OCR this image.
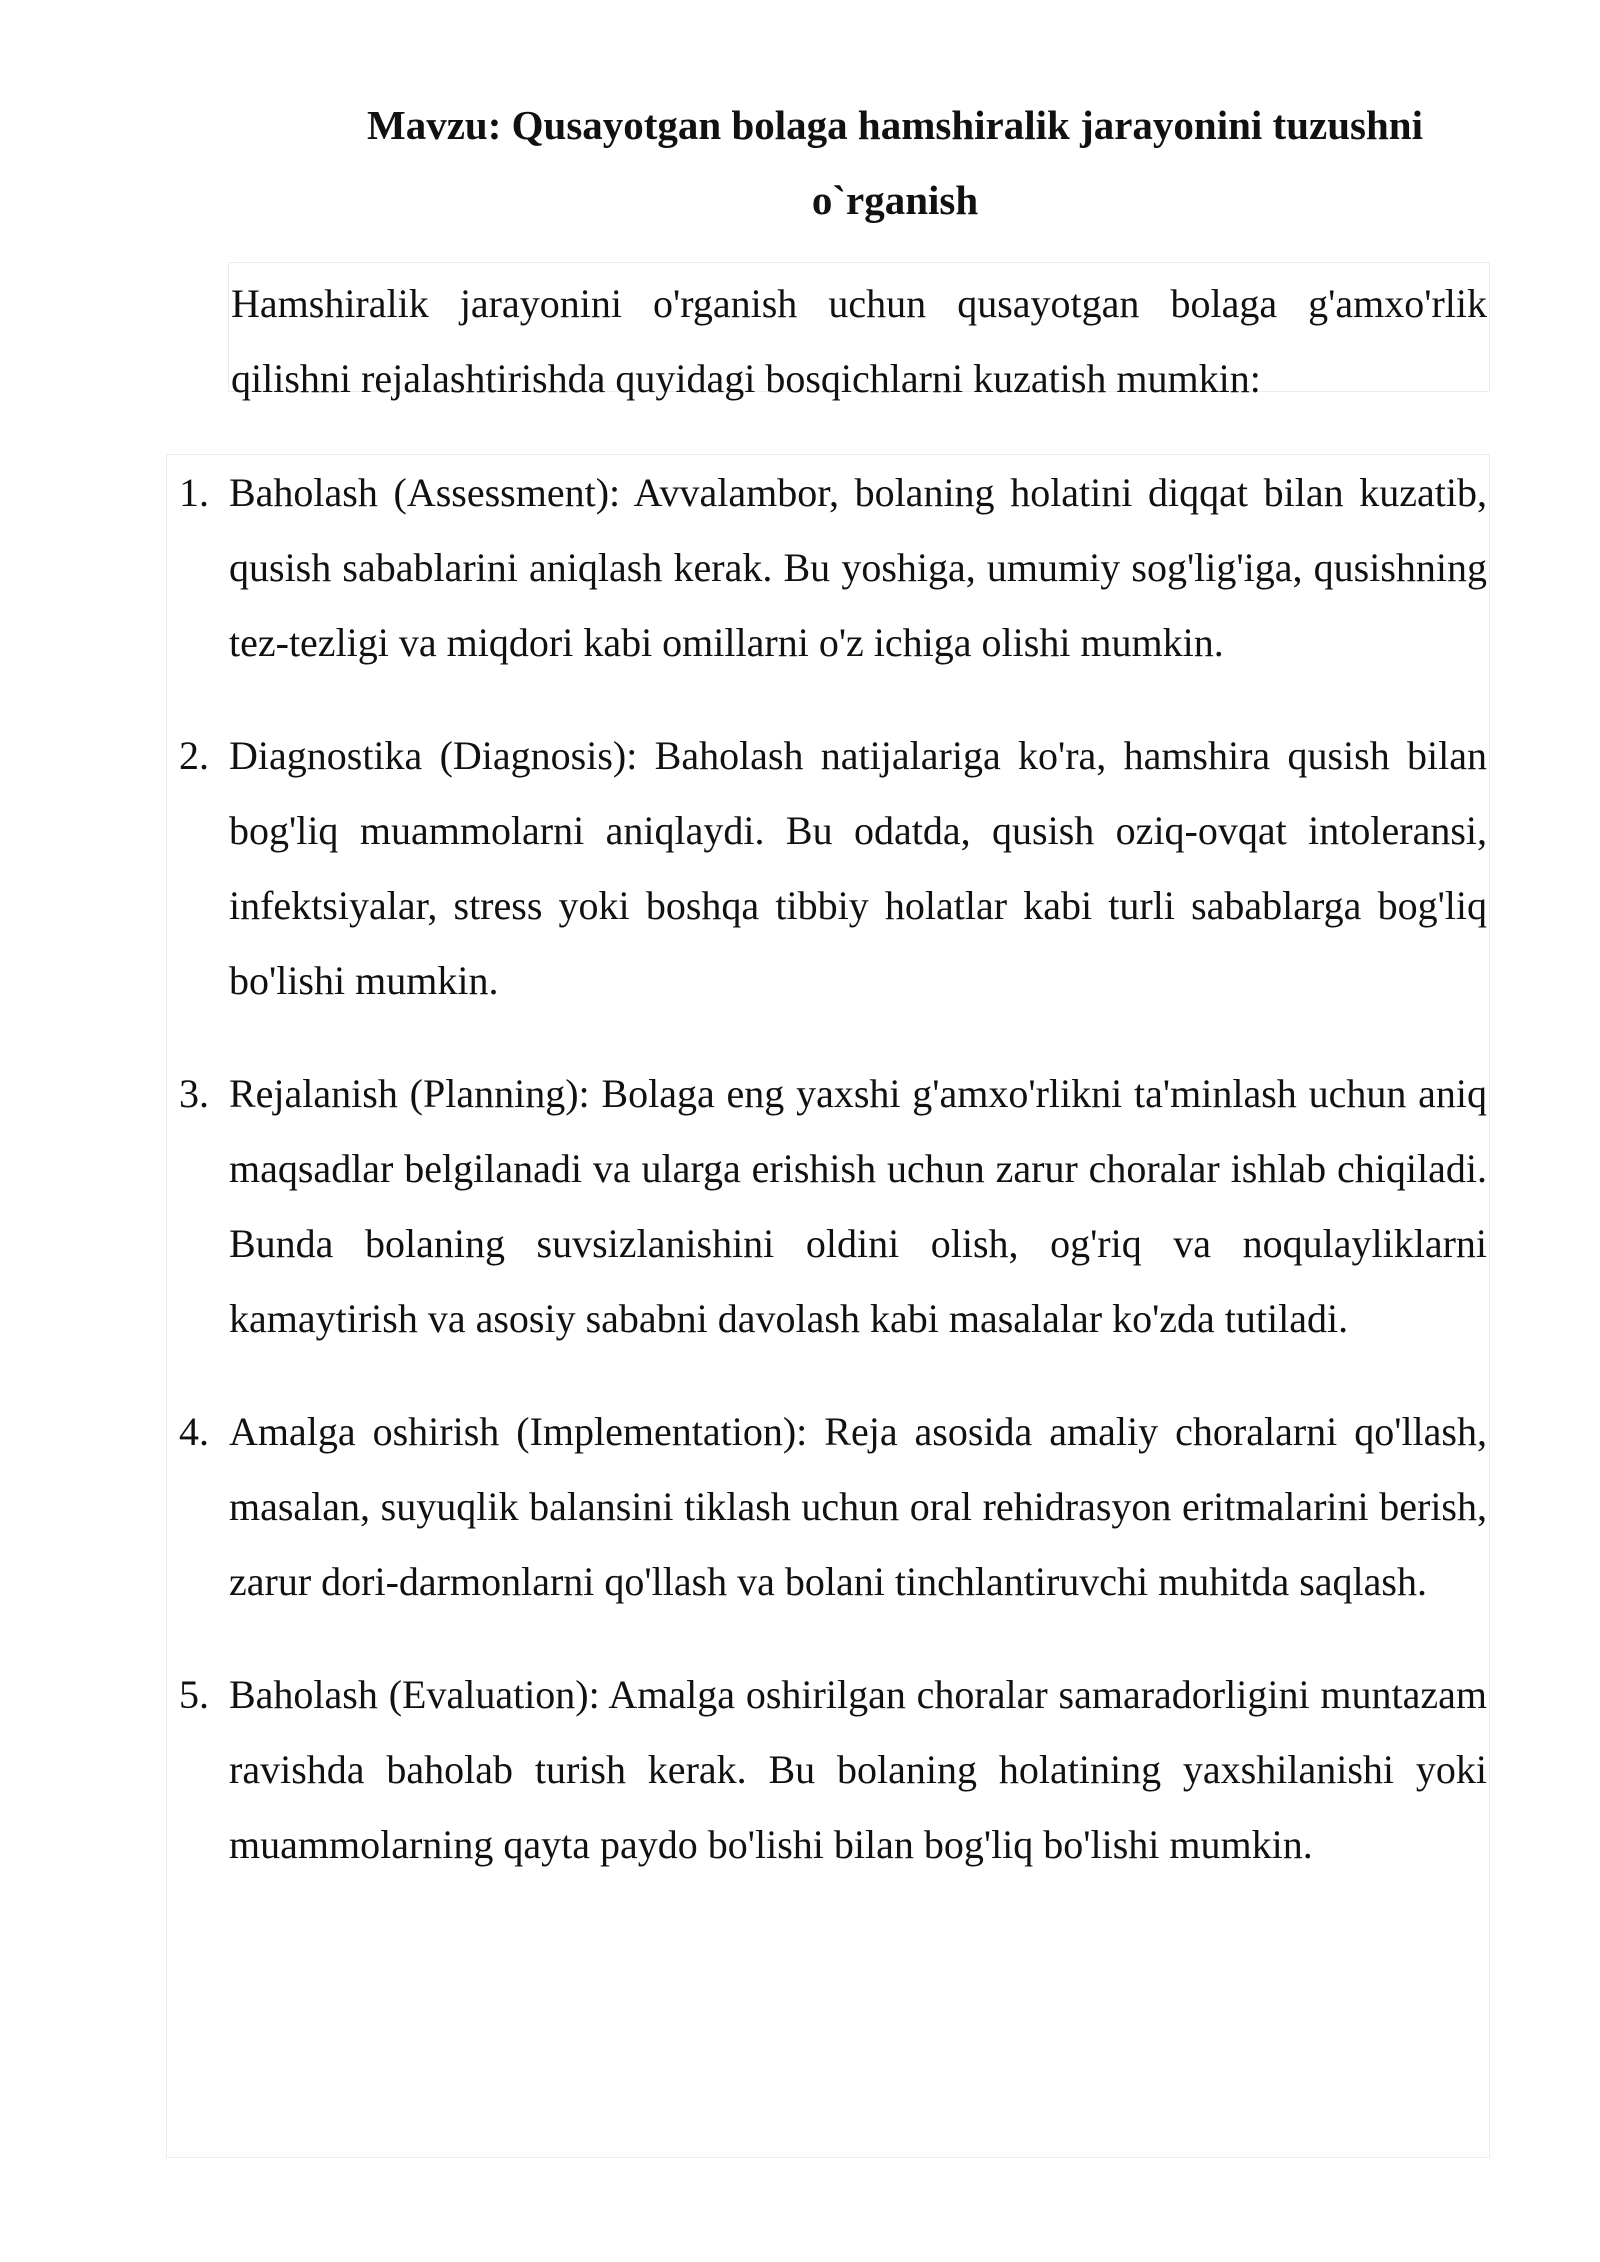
Mavzu: Qusayotgan bolaga hamshiralik jarayonini tuzushni
o`rganish

Hamshiralik jarayonini o'rganish uchun qusayotgan bolaga g'amxo'rlik qilishni rejalashtirishda quyidagi bosqichlarni kuzatish mumkin:

1. Baholash (Assessment): Avvalambor, bolaning holatini diqqat bilan kuzatib, qusish sabablarini aniqlash kerak. Bu yoshiga, umumiy sog'lig'iga, qusishning tez-tezligi va miqdori kabi omillarni o'z ichiga olishi mumkin.
2. Diagnostika (Diagnosis): Baholash natijalariga ko'ra, hamshira qusish bilan bog'liq muammolarni aniqlaydi. Bu odatda, qusish oziq-ovqat intoleransi, infektsiyalar, stress yoki boshqa tibbiy holatlar kabi turli sabablarga bog'liq bo'lishi mumkin.
3. Rejalanish (Planning): Bolaga eng yaxshi g'amxo'rlikni ta'minlash uchun aniq maqsadlar belgilanadi va ularga erishish uchun zarur choralar ishlab chiqiladi. Bunda bolaning suvsizlanishini oldini olish, og'riq va noqulayliklarni kamaytirish va asosiy sababni davolash kabi masalalar ko'zda tutiladi.
4. Amalga oshirish (Implementation): Reja asosida amaliy choralarni qo'llash, masalan, suyuqlik balansini tiklash uchun oral rehidrasyon eritmalarini berish, zarur dori-darmonlarni qo'llash va bolani tinchlantiruvchi muhitda saqlash.
5. Baholash (Evaluation): Amalga oshirilgan choralar samaradorligini muntazam ravishda baholab turish kerak. Bu bolaning holatining yaxshilanishi yoki muammolarning qayta paydo bo'lishi bilan bog'liq bo'lishi mumkin.
